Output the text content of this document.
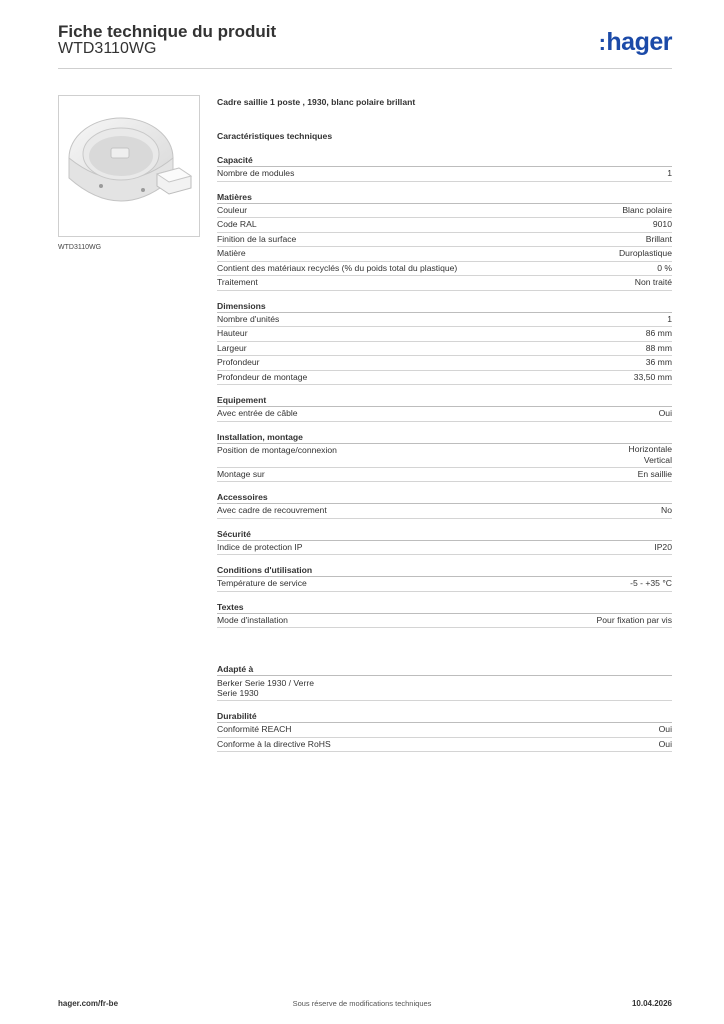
Fiche technique du produit
WTD3110WG	:hager
WTD3110WG
Cadre saillie 1 poste , 1930, blanc polaire brillant
Caractéristiques techniques
Capacité
Nombre de modules	1
Matières
Couleur	Blanc polaire
Code RAL	9010
Finition de la surface	Brillant
Matière	Duroplastique
Contient des matériaux recyclés (% du poids total du plastique)	0 %
Traitement	Non traité
Dimensions
Nombre d'unités	1
Hauteur	86 mm
Largeur	88 mm
Profondeur	36 mm
Profondeur de montage	33,50 mm
Equipement
Avec entrée de câble	Oui
Installation, montage
Position de montage/connexion	Horizontale
Vertical
Montage sur	En saillie
Accessoires
Avec cadre de recouvrement	No
Sécurité
Indice de protection IP	IP20
Conditions d'utilisation
Température de service	-5 - +35 °C
Textes
Mode d'installation	Pour fixation par vis
Adapté à
Berker Serie 1930 / Verre
Serie 1930
Durabilité
Conformité REACH	Oui
Conforme à la directive RoHS	Oui
hager.com/fr-be	Sous réserve de modifications techniques	10.04.2026
